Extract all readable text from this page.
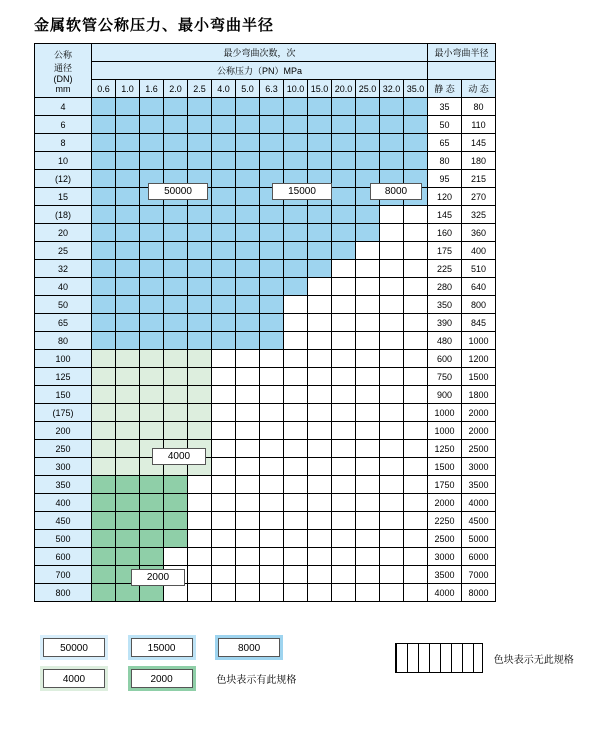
金属软管公称压力、最小弯曲半径
公称
通径
(DN)
mm	最少弯曲次数，次														最小弯曲半径	
	公称压力（PN）MPa															
	0.6	1.0	1.6	2.0	2.5	4.0	5.0	6.3	10.0	15.0	20.0	25.0	32.0	35.0	静 态	动 态
4															35	80
6															50	110
8															65	145
10															80	180
(12)															95	215
15															120	270
(18)															145	325
20															160	360
25															175	400
32															225	510
40															280	640
50															350	800
65															390	845
80															480	1000
100															600	1200
125															750	1500
150															900	1800
(175)															1000	2000
200															1000	2000
250															1250	2500
300															1500	3000
350															1750	3500
400															2000	4000
450															2250	4500
500															2500	5000
600															3000	6000
700															3500	7000
800															4000	8000
50000	15000	8000
4000
2000
50000	15000	8000
色块表示无此规格
4000	2000	色块表示有此规格
